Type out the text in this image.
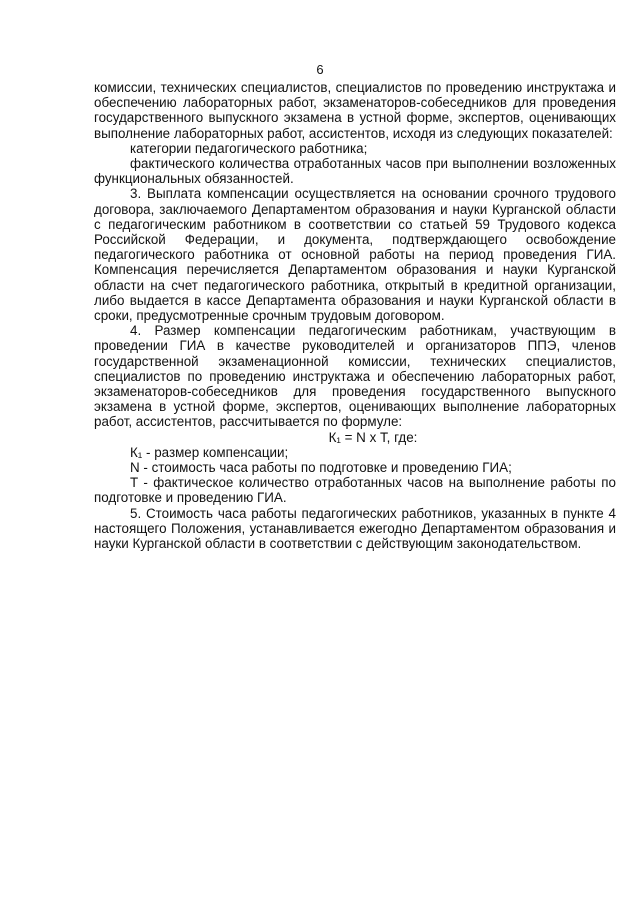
6

комиссии, технических специалистов, специалистов по проведению инструктажа и обеспечению лабораторных работ, экзаменаторов-собеседников для проведения государственного выпускного экзамена в устной форме, экспертов, оценивающих выполнение лабораторных работ, ассистентов, исходя из следующих показателей:

категории педагогического работника;

фактического количества отработанных часов при выполнении возложенных функциональных обязанностей.

3. Выплата компенсации осуществляется на основании срочного трудового договора, заключаемого Департаментом образования и науки Курганской области с педагогическим работником в соответствии со статьей 59 Трудового кодекса Российской Федерации, и документа, подтверждающего освобождение педагогического работника от основной работы на период проведения ГИА. Компенсация перечисляется Департаментом образования и науки Курганской области на счет педагогического работника, открытый в кредитной организации, либо выдается в кассе Департамента образования и науки Курганской области в сроки, предусмотренные срочным трудовым договором.

4. Размер компенсации педагогическим работникам, участвующим в проведении ГИА в качестве руководителей и организаторов ППЭ, членов государственной экзаменационной комиссии, технических специалистов, специалистов по проведению инструктажа и обеспечению лабораторных работ, экзаменаторов-собеседников для проведения государственного выпускного экзамена в устной форме, экспертов, оценивающих выполнение лабораторных работ, ассистентов, рассчитывается по формуле:

К₁ = N х T, где:

К₁ - размер компенсации;

N - стоимость часа работы по подготовке и проведению ГИА;

T - фактическое количество отработанных часов на выполнение работы по подготовке и проведению ГИА.

5. Стоимость часа работы педагогических работников, указанных в пункте 4 настоящего Положения, устанавливается ежегодно Департаментом образования и науки Курганской области в соответствии с действующим законодательством.
